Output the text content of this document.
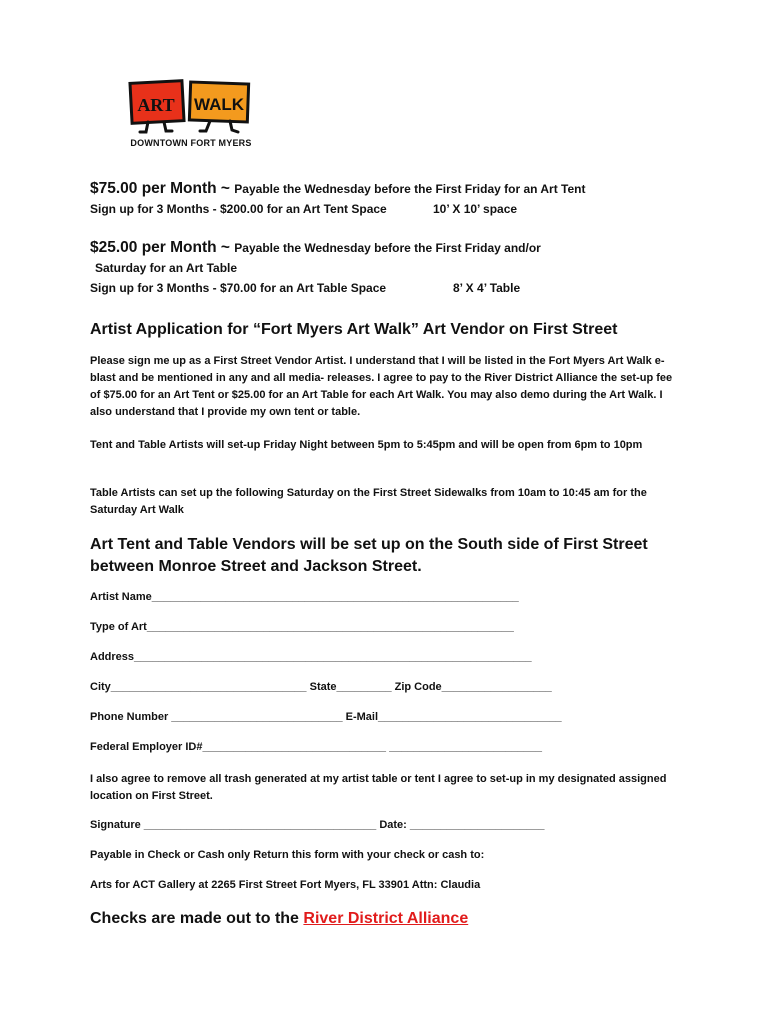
ART WALK
DOWNTOWN FORT MYERS
$75.00 per Month ~ Payable the Wednesday before the First Friday for an Art Tent
Sign up for 3 Months - $200.00 for an Art Tent Space	10’ X 10’ space
$25.00 per Month ~ Payable the Wednesday before the First Friday and/or
Saturday for an Art Table
Sign up for 3 Months - $70.00 for an Art Table Space	8’ X 4’ Table
Artist Application for “Fort Myers Art Walk” Art Vendor on First Street
Please sign me up as a First Street Vendor Artist. I understand that I will be listed in the Fort Myers Art Walk e-blast and be mentioned in any and all media- releases. I agree to pay to the River District Alliance the set-up fee of $75.00 for an Art Tent or $25.00 for an Art Table for each Art Walk. You may also demo during the Art Walk. I also understand that I provide my own tent or table.
Tent and Table Artists will set-up Friday Night between 5pm to 5:45pm and will be open from 6pm to 10pm
Table Artists can set up the following Saturday on the First Street Sidewalks from 10am to 10:45 am for the Saturday Art Walk
Art Tent and Table Vendors will be set up on the South side of First Street between Monroe Street and Jackson Street.
Artist Name____________________________________________________________
Type of Art____________________________________________________________
Address_________________________________________________________________
City________________________________ State_________ Zip Code__________________
Phone Number ____________________________ E-Mail______________________________
Federal Employer ID#______________________________ _________________________
I also agree to remove all trash generated at my artist table or tent I agree to set-up in my designated assigned location on First Street.
Signature ______________________________________ Date: ______________________
Payable in Check or Cash only Return this form with your check or cash to:
Arts for ACT Gallery at 2265 First Street Fort Myers, FL 33901 Attn: Claudia
Checks are made out to the River District Alliance
